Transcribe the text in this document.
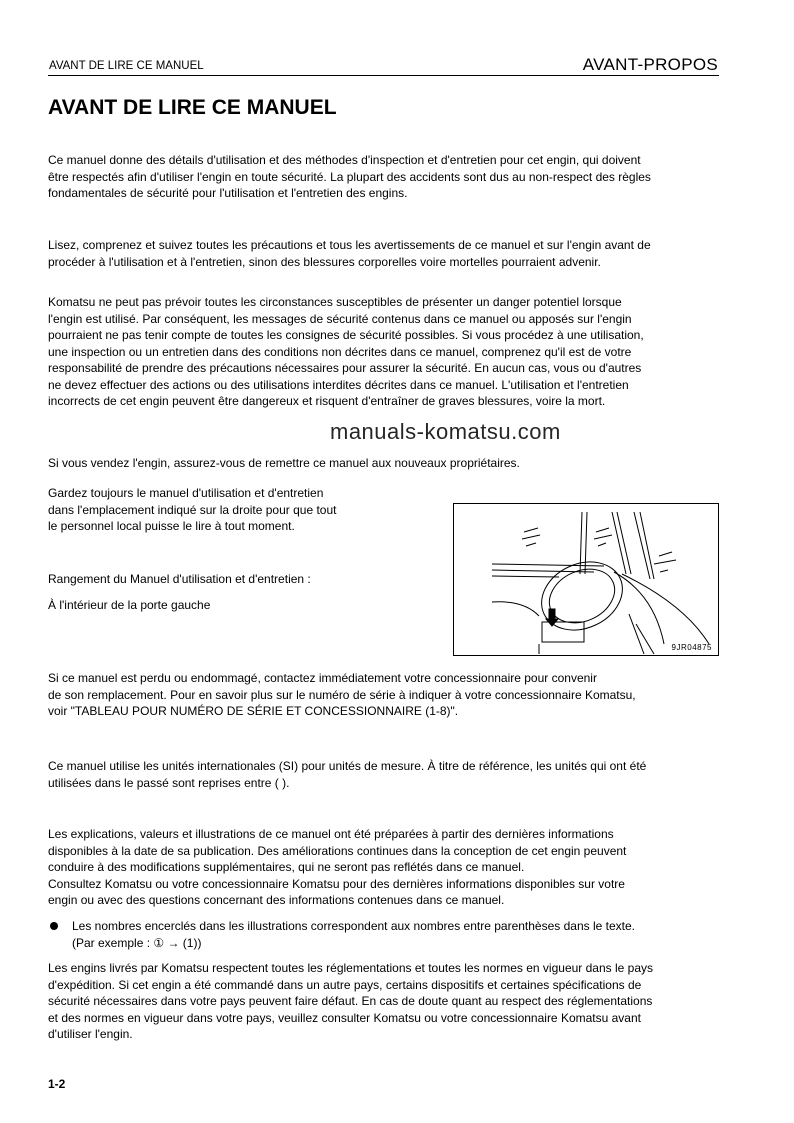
AVANT DE LIRE CE MANUEL	AVANT-PROPOS
AVANT DE LIRE CE MANUEL
Ce manuel donne des détails d'utilisation et des méthodes d'inspection et d'entretien pour cet engin, qui doivent
être respectés afin d'utiliser l'engin en toute sécurité. La plupart des accidents sont dus au non-respect des règles
fondamentales de sécurité pour l'utilisation et l'entretien des engins.
Lisez, comprenez et suivez toutes les précautions et tous les avertissements de ce manuel et sur l'engin avant de
procéder à l'utilisation et à l'entretien, sinon des blessures corporelles voire mortelles pourraient advenir.
Komatsu ne peut pas prévoir toutes les circonstances susceptibles de présenter un danger potentiel lorsque
l'engin est utilisé. Par conséquent, les messages de sécurité contenus dans ce manuel ou apposés sur l'engin
pourraient ne pas tenir compte de toutes les consignes de sécurité possibles. Si vous procédez à une utilisation,
une inspection ou un entretien dans des conditions non décrites dans ce manuel, comprenez qu'il est de votre
responsabilité de prendre des précautions nécessaires pour assurer la sécurité. En aucun cas, vous ou d'autres
ne devez effectuer des actions ou des utilisations interdites décrites dans ce manuel. L'utilisation et l'entretien
incorrects de cet engin peuvent être dangereux et risquent d'entraîner de graves blessures, voire la mort.
Si vous vendez l'engin, assurez-vous de remettre ce manuel aux nouveaux propriétaires.
Gardez toujours le manuel d'utilisation et d'entretien
dans l'emplacement indiqué sur la droite pour que tout
le personnel local puisse le lire à tout moment.
Rangement du Manuel d'utilisation et d'entretien :
À l'intérieur de la porte gauche
Si ce manuel est perdu ou endommagé, contactez immédiatement votre concessionnaire pour convenir
de son remplacement. Pour en savoir plus sur le numéro de série à indiquer à votre concessionnaire Komatsu,
voir "TABLEAU POUR NUMÉRO DE SÉRIE ET CONCESSIONNAIRE (1-8)".
Ce manuel utilise les unités internationales (SI) pour unités de mesure. À titre de référence, les unités qui ont été
utilisées dans le passé sont reprises entre ( ).
Les explications, valeurs et illustrations de ce manuel ont été préparées à partir des dernières informations
disponibles à la date de sa publication. Des améliorations continues dans la conception de cet engin peuvent
conduire à des modifications supplémentaires, qui ne seront pas reflétés dans ce manuel.
Consultez Komatsu ou votre concessionnaire Komatsu pour des dernières informations disponibles sur votre
engin ou avec des questions concernant des informations contenues dans ce manuel.
Les nombres encerclés dans les illustrations correspondent aux nombres entre parenthèses dans le texte.
(Par exemple : ① → (1))
Les engins livrés par Komatsu respectent toutes les réglementations et toutes les normes en vigueur dans le pays
d'expédition. Si cet engin a été commandé dans un autre pays, certains dispositifs et certaines spécifications de
sécurité nécessaires dans votre pays peuvent faire défaut. En cas de doute quant au respect des réglementations
et des normes en vigueur dans votre pays, veuillez consulter Komatsu ou votre concessionnaire Komatsu avant
d'utiliser l'engin.
9JR04875
manuals-komatsu.com
1-2
